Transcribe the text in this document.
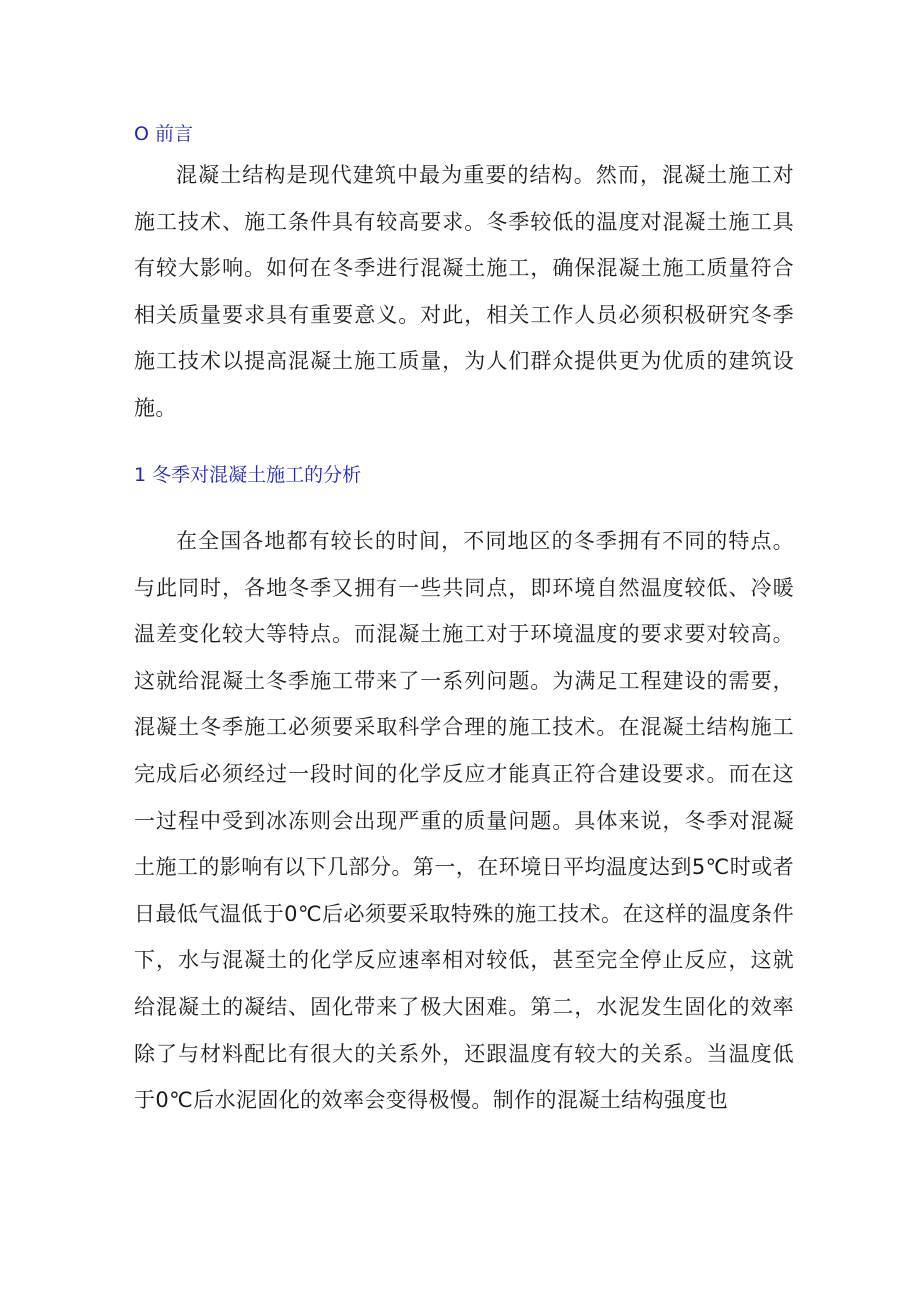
O 前言

混凝土结构是现代建筑中最为重要的结构。然而，混凝土施工对施工技术、施工条件具有较高要求。冬季较低的温度对混凝土施工具有较大影响。如何在冬季进行混凝土施工，确保混凝土施工质量符合相关质量要求具有重要意义。对此，相关工作人员必须积极研究冬季施工技术以提高混凝土施工质量，为人们群众提供更为优质的建筑设施。

1 冬季对混凝土施工的分析

在全国各地都有较长的时间，不同地区的冬季拥有不同的特点。与此同时，各地冬季又拥有一些共同点，即环境自然温度较低、冷暖温差变化较大等特点。而混凝土施工对于环境温度的要求要对较高。这就给混凝土冬季施工带来了一系列问题。为满足工程建设的需要，混凝土冬季施工必须要采取科学合理的施工技术。在混凝土结构施工完成后必须经过一段时间的化学反应才能真正符合建设要求。而在这一过程中受到冰冻则会出现严重的质量问题。具体来说，冬季对混凝土施工的影响有以下几部分。第一，在环境日平均温度达到5℃时或者日最低气温低于0℃后必须要采取特殊的施工技术。在这样的温度条件下，水与混凝土的化学反应速率相对较低，甚至完全停止反应，这就给混凝土的凝结、固化带来了极大困难。第二，水泥发生固化的效率除了与材料配比有很大的关系外，还跟温度有较大的关系。当温度低于0℃后水泥固化的效率会变得极慢。制作的混凝土结构强度也
